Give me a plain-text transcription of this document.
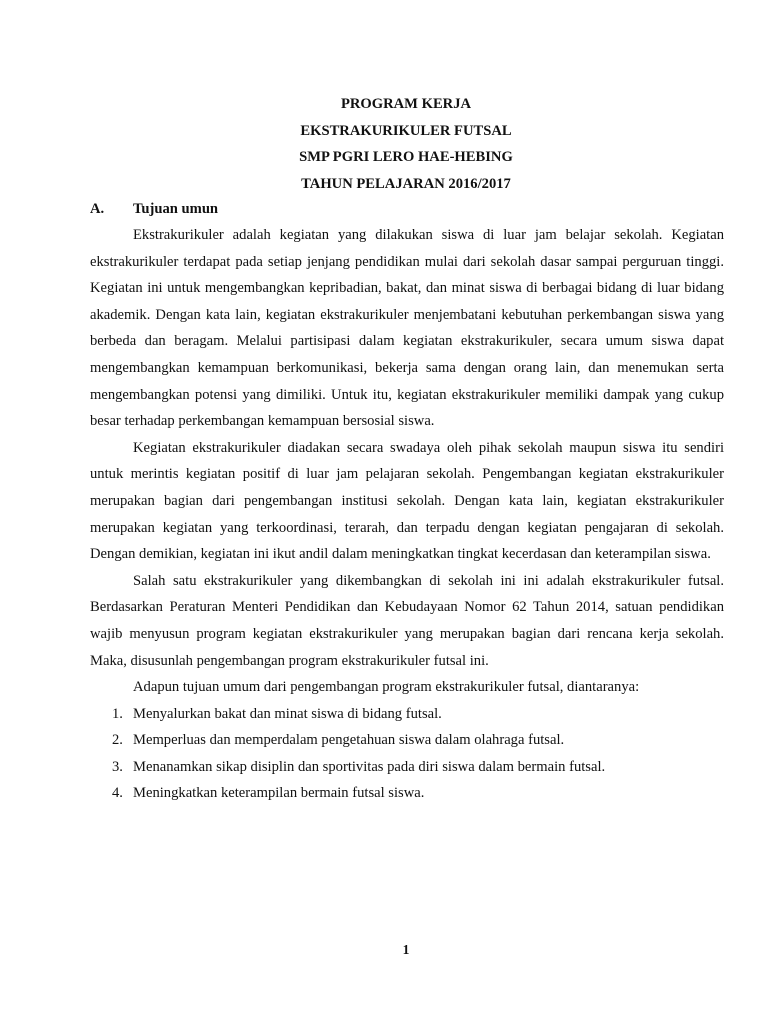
PROGRAM KERJA
EKSTRAKURIKULER FUTSAL
SMP PGRI LERO HAE-HEBING
TAHUN PELAJARAN 2016/2017
A. Tujuan umun

Ekstrakurikuler adalah kegiatan yang dilakukan siswa di luar jam belajar sekolah. Kegiatan ekstrakurikuler terdapat pada setiap jenjang pendidikan mulai dari sekolah dasar sampai perguruan tinggi. Kegiatan ini untuk mengembangkan kepribadian, bakat, dan minat siswa di berbagai bidang di luar bidang akademik. Dengan kata lain, kegiatan ekstrakurikuler menjembatani kebutuhan perkembangan siswa yang berbeda dan beragam. Melalui partisipasi dalam kegiatan ekstrakurikuler, secara umum siswa dapat mengembangkan kemampuan berkomunikasi, bekerja sama dengan orang lain, dan menemukan serta mengembangkan potensi yang dimiliki. Untuk itu, kegiatan ekstrakurikuler memiliki dampak yang cukup besar terhadap perkembangan kemampuan bersosial siswa.

Kegiatan ekstrakurikuler diadakan secara swadaya oleh pihak sekolah maupun siswa itu sendiri untuk merintis kegiatan positif di luar jam pelajaran sekolah. Pengembangan kegiatan ekstrakurikuler merupakan bagian dari pengembangan institusi sekolah. Dengan kata lain, kegiatan ekstrakurikuler merupakan kegiatan yang terkoordinasi, terarah, dan terpadu dengan kegiatan pengajaran di sekolah. Dengan demikian, kegiatan ini ikut andil dalam meningkatkan tingkat kecerdasan dan keterampilan siswa.

Salah satu ekstrakurikuler yang dikembangkan di sekolah ini ini adalah ekstrakurikuler futsal. Berdasarkan Peraturan Menteri Pendidikan dan Kebudayaan Nomor 62 Tahun 2014, satuan pendidikan wajib menyusun program kegiatan ekstrakurikuler yang merupakan bagian dari rencana kerja sekolah. Maka, disusunlah pengembangan program ekstrakurikuler futsal ini.

Adapun tujuan umum dari pengembangan program ekstrakurikuler futsal, diantaranya:

1. Menyalurkan bakat dan minat siswa di bidang futsal.
2. Memperluas dan memperdalam pengetahuan siswa dalam olahraga futsal.
3. Menanamkan sikap disiplin dan sportivitas pada diri siswa dalam bermain futsal.
4. Meningkatkan keterampilan bermain futsal siswa.
1
